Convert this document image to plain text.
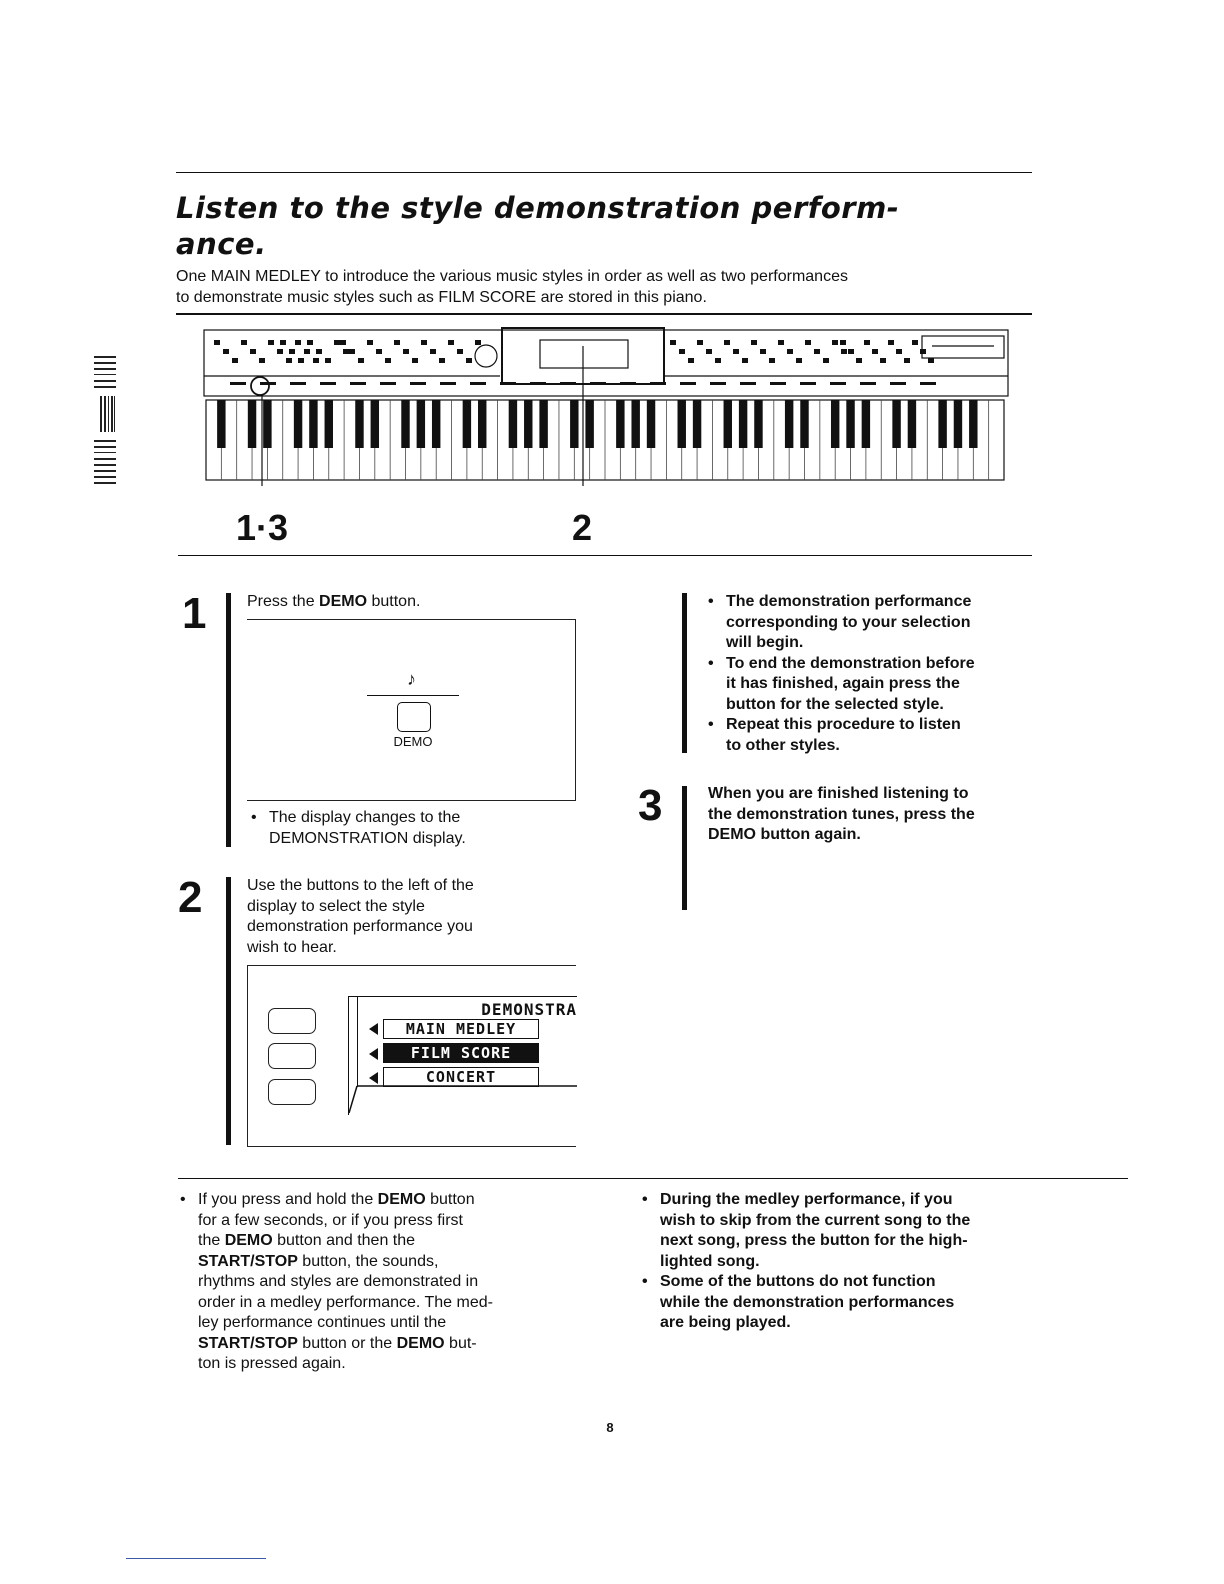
Listen to the style demonstration perform-
ance.
One MAIN MEDLEY to introduce the various music styles in order as well as two performances
to demonstrate music styles such as FILM SCORE are stored in this piano.
1·3	2
1	Press the DEMO button.
♪
DEMO
• The display changes to the
DEMONSTRATION display.
2	Use the buttons to the left of the
display to select the style
demonstration performance you
wish to hear.
DEMONSTRA
MAIN MEDLEY
FILM SCORE
CONCERT
• The demonstration performance
corresponding to your selection
will begin.
• To end the demonstration before
it has finished, again press the
button for the selected style.
• Repeat this procedure to listen
to other styles.
3	When you are finished listening to
the demonstration tunes, press the
DEMO button again.
• If you press and hold the DEMO button
for a few seconds, or if you press first
the DEMO button and then the
START/STOP button, the sounds,
rhythms and styles are demonstrated in
order in a medley performance. The med-
ley performance continues until the
START/STOP button or the DEMO but-
ton is pressed again.
• During the medley performance, if you
wish to skip from the current song to the
next song, press the button for the high-
lighted song.
• Some of the buttons do not function
while the demonstration performances
are being played.
8
